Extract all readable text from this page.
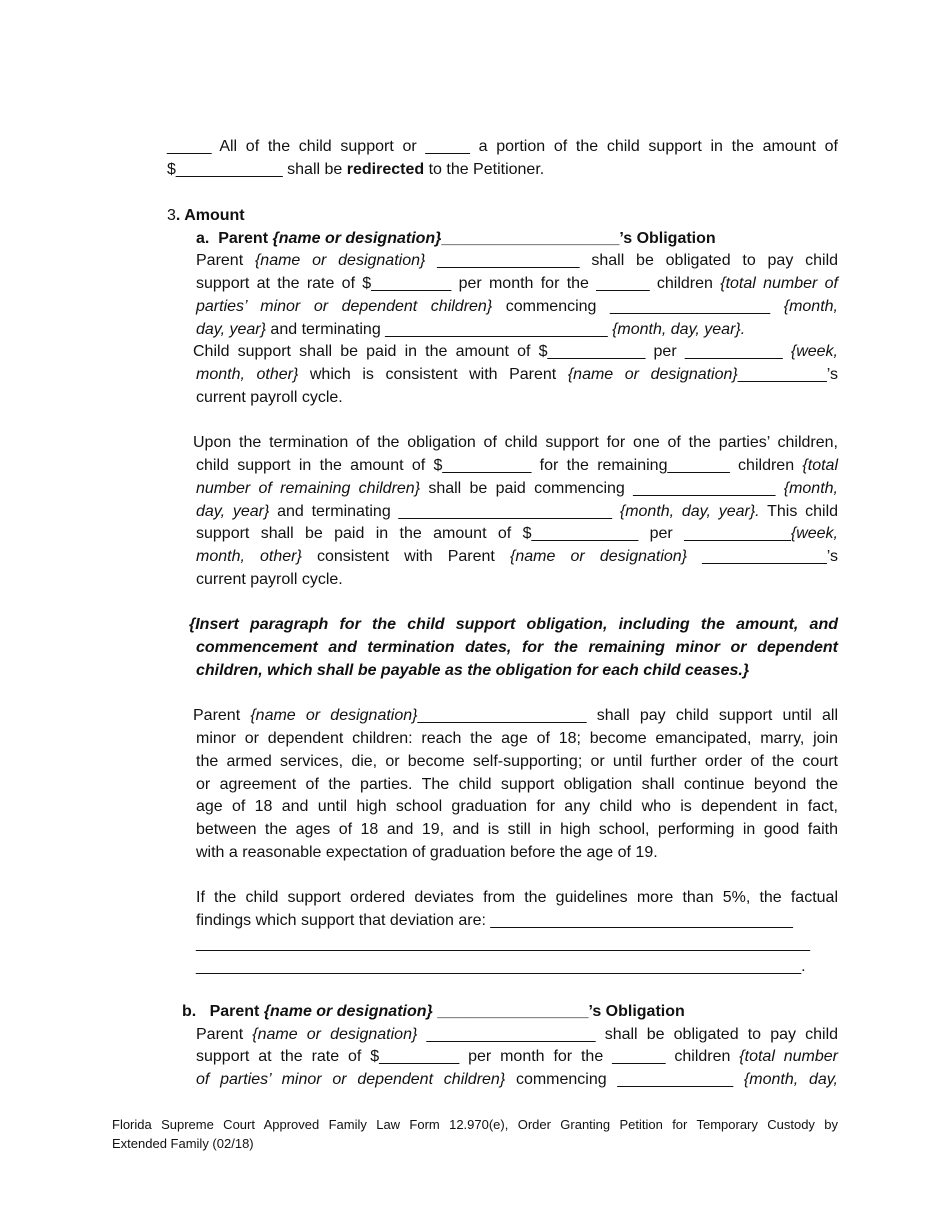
_____ All of the child support or _____ a portion of the child support in the amount of

$____________ shall be redirected to the Petitioner.

3. Amount

a. Parent {name or designation}____________________’s Obligation

Parent {name or designation} ________________ shall be obligated to pay child

support at the rate of $_________ per month for the ______ children {total number of

parties’ minor or dependent children} commencing __________________ {month,

day, year} and terminating _________________________ {month, day, year}.

Child support shall be paid in the amount of $___________ per ___________ {week,

month, other} which is consistent with Parent {name or designation}__________’s

current payroll cycle.

Upon the termination of the obligation of child support for one of the parties’ children,

child support in the amount of $__________ for the remaining_______ children {total

number of remaining children} shall be paid commencing ________________ {month,

day, year} and terminating ________________________ {month, day, year}. This child

support shall be paid in the amount of $____________ per ____________{week,

month, other} consistent with Parent {name or designation} ______________’s

current payroll cycle.

{Insert paragraph for the child support obligation, including the amount, and

commencement and termination dates, for the remaining minor or dependent

children, which shall be payable as the obligation for each child ceases.}

Parent {name or designation}___________________ shall pay child support until all

minor or dependent children: reach the age of 18; become emancipated, marry, join

the armed services, die, or become self-supporting; or until further order of the court

or agreement of the parties. The child support obligation shall continue beyond the

age of 18 and until high school graduation for any child who is dependent in fact,

between the ages of 18 and 19, and is still in high school, performing in good faith

with a reasonable expectation of graduation before the age of 19.

If the child support ordered deviates from the guidelines more than 5%, the factual

findings which support that deviation are: __________________________________

_____________________________________________________________________

____________________________________________________________________.

b. Parent {name or designation} _________________’s Obligation

Parent {name or designation} ___________________ shall be obligated to pay child

support at the rate of $_________ per month for the ______ children {total number

of parties’ minor or dependent children} commencing _____________ {month, day,

Florida Supreme Court Approved Family Law Form 12.970(e), Order Granting Petition for Temporary Custody by

Extended Family (02/18)
